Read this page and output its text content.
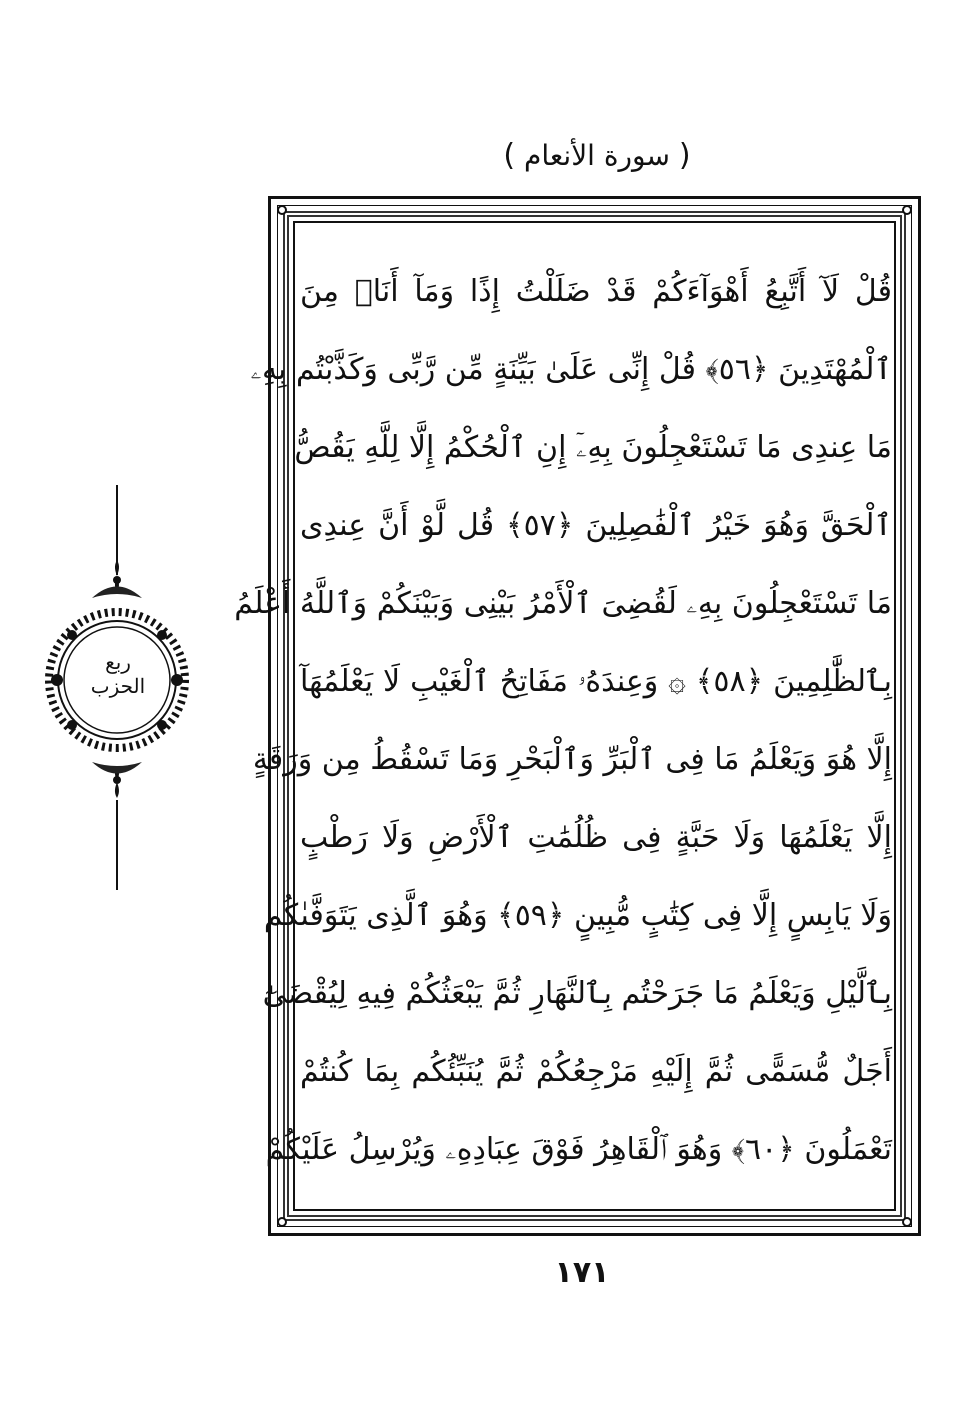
( سورة الأنعام )
قُلْ لَآ أَتَّبِعُ أَهْوَآءَكُمْ قَدْ ضَلَلْتُ إِذًا وَمَآ أَنَا۠ مِنَ
ٱلْمُهْتَدِينَ ﴿٥٦﴾ قُلْ إِنِّى عَلَىٰ بَيِّنَةٍ مِّن رَّبِّى وَكَذَّبْتُم بِهِۦ
مَا عِندِى مَا تَسْتَعْجِلُونَ بِهِۦٓ إِنِ ٱلْحُكْمُ إِلَّا لِلَّهِ يَقُصُّ
ٱلْحَقَّ وَهُوَ خَيْرُ ٱلْفَٰصِلِينَ ﴿٥٧﴾ قُل لَّوْ أَنَّ عِندِى
مَا تَسْتَعْجِلُونَ بِهِۦ لَقُضِىَ ٱلْأَمْرُ بَيْنِى وَبَيْنَكُمْ وَٱللَّهُ أَعْلَمُ
بِٱلظَّٰلِمِينَ ﴿٥٨﴾ ۞ وَعِندَهُۥ مَفَاتِحُ ٱلْغَيْبِ لَا يَعْلَمُهَآ
إِلَّا هُوَ وَيَعْلَمُ مَا فِى ٱلْبَرِّ وَٱلْبَحْرِ وَمَا تَسْقُطُ مِن وَرَقَةٍ
إِلَّا يَعْلَمُهَا وَلَا حَبَّةٍ فِى ظُلُمَٰتِ ٱلْأَرْضِ وَلَا رَطْبٍ
وَلَا يَابِسٍ إِلَّا فِى كِتَٰبٍ مُّبِينٍ ﴿٥٩﴾ وَهُوَ ٱلَّذِى يَتَوَفَّىٰكُم
بِٱلَّيْلِ وَيَعْلَمُ مَا جَرَحْتُم بِٱلنَّهَارِ ثُمَّ يَبْعَثُكُمْ فِيهِ لِيُقْضَىٰٓ
أَجَلٌ مُّسَمًّى ثُمَّ إِلَيْهِ مَرْجِعُكُمْ ثُمَّ يُنَبِّئُكُم بِمَا كُنتُمْ
تَعْمَلُونَ ﴿٦٠﴾ وَهُوَ ٱلْقَاهِرُ فَوْقَ عِبَادِهِۦ وَيُرْسِلُ عَلَيْكُمْ
ربع
الحزب
١٧١
